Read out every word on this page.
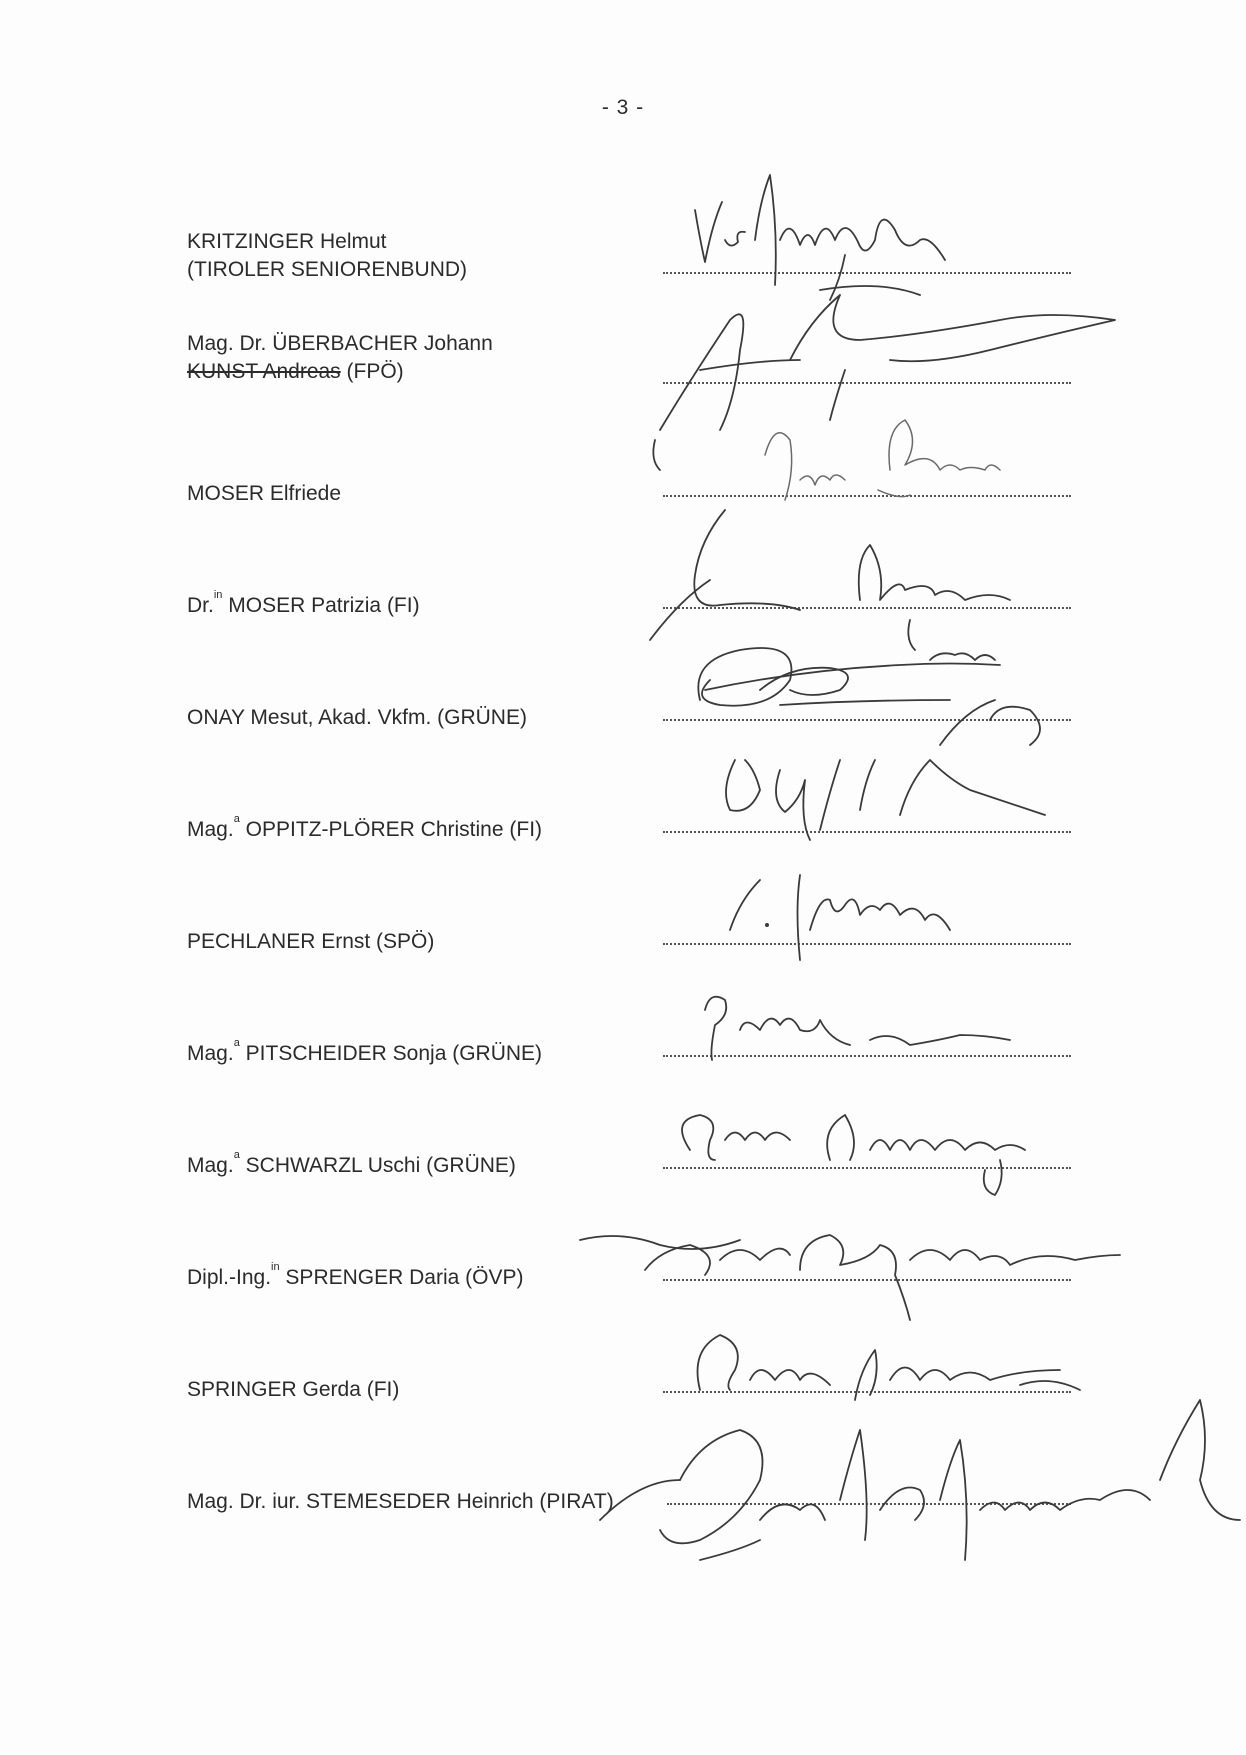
- 3 -
KRITZINGER Helmut
(TIROLER SENIORENBUND)
Mag. Dr. ÜBERBACHER Johann
KUNST Andreas (FPÖ)
MOSER Elfriede
Dr.$^{in}$ MOSER Patrizia (FI)
ONAY Mesut, Akad. Vkfm. (GRÜNE)
Mag.$^a$ OPPITZ-PLÖRER Christine (FI)
PECHLANER Ernst (SPÖ)
Mag.$^a$ PITSCHEIDER Sonja (GRÜNE)
Mag.$^a$ SCHWARZL Uschi (GRÜNE)
Dipl.-Ing.$^{in}$ SPRENGER Daria (ÖVP)
SPRINGER Gerda (FI)
Mag. Dr. iur. STEMESEDER Heinrich (PIRAT)
